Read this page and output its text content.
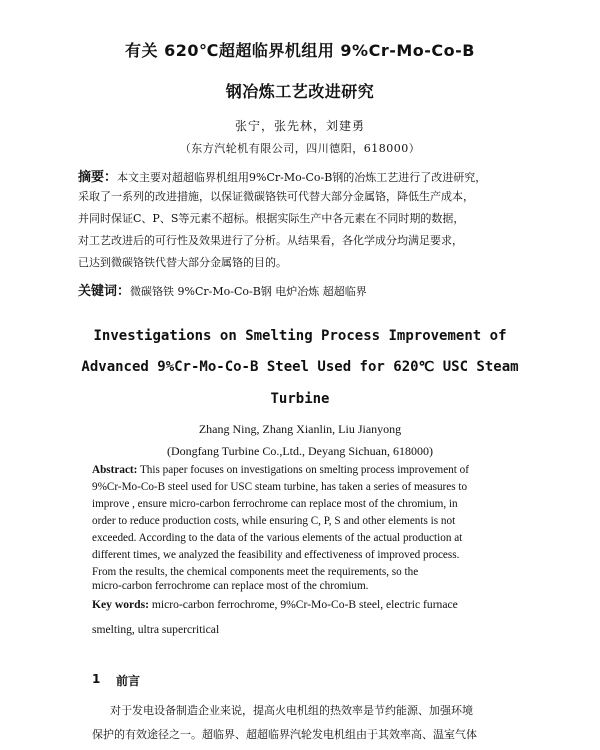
有关 620℃超超临界机组用 9%Cr-Mo-Co-B
钢冶炼工艺改进研究
张宁，张先林，刘建勇
（东方汽轮机有限公司，四川德阳，618000）
摘要：本文主要对超超临界机组用9%Cr-Mo-Co-B钢的冶炼工艺进行了改进研究，
采取了一系列的改进措施，以保证微碳铬铁可代替大部分金属铬，降低生产成本，
并同时保证C、P、S等元素不超标。根据实际生产中各元素在不同时期的数据，
对工艺改进后的可行性及效果进行了分析。从结果看，各化学成分均满足要求，
已达到微碳铬铁代替大部分金属铬的目的。
关键词：微碳铬铁 9%Cr-Mo-Co-B钢 电炉冶炼 超超临界
Investigations on Smelting Process Improvement of
Advanced 9%Cr-Mo-Co-B Steel Used for 620℃ USC Steam
Turbine
Zhang Ning, Zhang Xianlin, Liu Jianyong
(Dongfang Turbine Co.,Ltd., Deyang Sichuan, 618000)
Abstract: This paper focuses on investigations on smelting process improvement of
9%Cr-Mo-Co-B steel used for USC steam turbine, has taken a series of measures to
improve , ensure micro-carbon ferrochrome can replace most of the chromium, in
order to reduce production costs, while ensuring C, P, S and other elements is not
exceeded. According to the data of the various elements of the actual production at
different times, we analyzed the feasibility and effectiveness of improved process.
From the results, the chemical components meet the requirements, so the
micro-carbon ferrochrome can replace most of the chromium.
Key words: micro-carbon ferrochrome, 9%Cr-Mo-Co-B steel, electric furnace
smelting, ultra supercritical
1 前言
对于发电设备制造企业来说，提高火电机组的热效率是节约能源、加强环境
保护的有效途径之一。超临界、超超临界汽轮发电机组由于其效率高、温室气体
